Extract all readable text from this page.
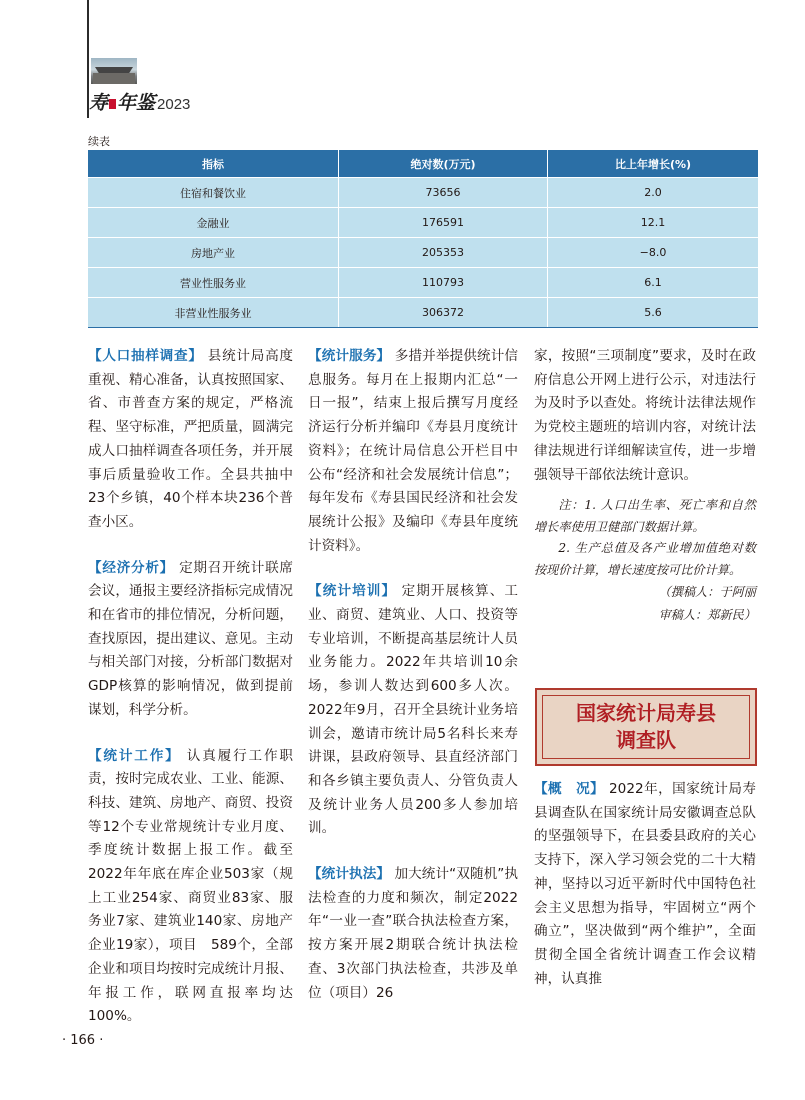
寿 年鉴 2023
续表
指标	绝对数(万元)	比上年增长(%)
住宿和餐饮业	73656	2.0
金融业	176591	12.1
房地产业	205353	−8.0
营业性服务业	110793	6.1
非营业性服务业	306372	5.6

【人口抽样调查】 县统计局高度重视、精心准备，认真按照国家、省、市普查方案的规定，严格流程、坚守标准，严把质量，圆满完成人口抽样调查各项任务，并开展事后质量验收工作。全县共抽中23个乡镇，40个样本块236个普查小区。

【经济分析】 定期召开统计联席会议，通报主要经济指标完成情况和在省市的排位情况，分析问题，查找原因，提出建议、意见。主动与相关部门对接，分析部门数据对GDP核算的影响情况，做到提前谋划，科学分析。

【统计工作】 认真履行工作职责，按时完成农业、工业、能源、科技、建筑、房地产、商贸、投资等12个专业常规统计专业月度、季度统计数据上报工作。截至2022年年底在库企业503家（规上工业254家、商贸业83家、服务业7家、建筑业140家、房地产企业19家），项目　589个，全部企业和项目均按时完成统计月报、年报工作，联网直报率均达100%。

【统计服务】 多措并举提供统计信息服务。每月在上报期内汇总“一日一报”，结束上报后撰写月度经济运行分析并编印《寿县月度统计资料》；在统计局信息公开栏目中公布“经济和社会发展统计信息”；每年发布《寿县国民经济和社会发展统计公报》及编印《寿县年度统计资料》。

【统计培训】 定期开展核算、工业、商贸、建筑业、人口、投资等专业培训，不断提高基层统计人员业务能力。2022年共培训10余场，参训人数达到600多人次。2022年9月，召开全县统计业务培训会，邀请市统计局5名科长来寿讲课，县政府领导、县直经济部门和各乡镇主要负责人、分管负责人及统计业务人员200多人参加培训。

【统计执法】 加大统计“双随机”执法检查的力度和频次，制定2022年“一业一查”联合执法检查方案，按方案开展2期联合统计执法检查、3次部门执法检查，共涉及单位（项目）26

家，按照“三项制度”要求，及时在政府信息公开网上进行公示，对违法行为及时予以查处。将统计法律法规作为党校主题班的培训内容，对统计法律法规进行详细解读宣传，进一步增强领导干部依法统计意识。

注：1. 人口出生率、死亡率和自然增长率使用卫健部门数据计算。

2. 生产总值及各产业增加值绝对数按现价计算，增长速度按可比价计算。

（撰稿人：于阿丽
审稿人：郑新民）
国家统计局寿县
调查队

【概　况】 2022年，国家统计局寿县调查队在国家统计局安徽调查总队的坚强领导下，在县委县政府的关心支持下，深入学习领会党的二十大精神，坚持以习近平新时代中国特色社会主义思想为指导，牢固树立“两个确立”，坚决做到“两个维护”，全面贯彻全国全省统计调查工作会议精神，认真推

· 166 ·
